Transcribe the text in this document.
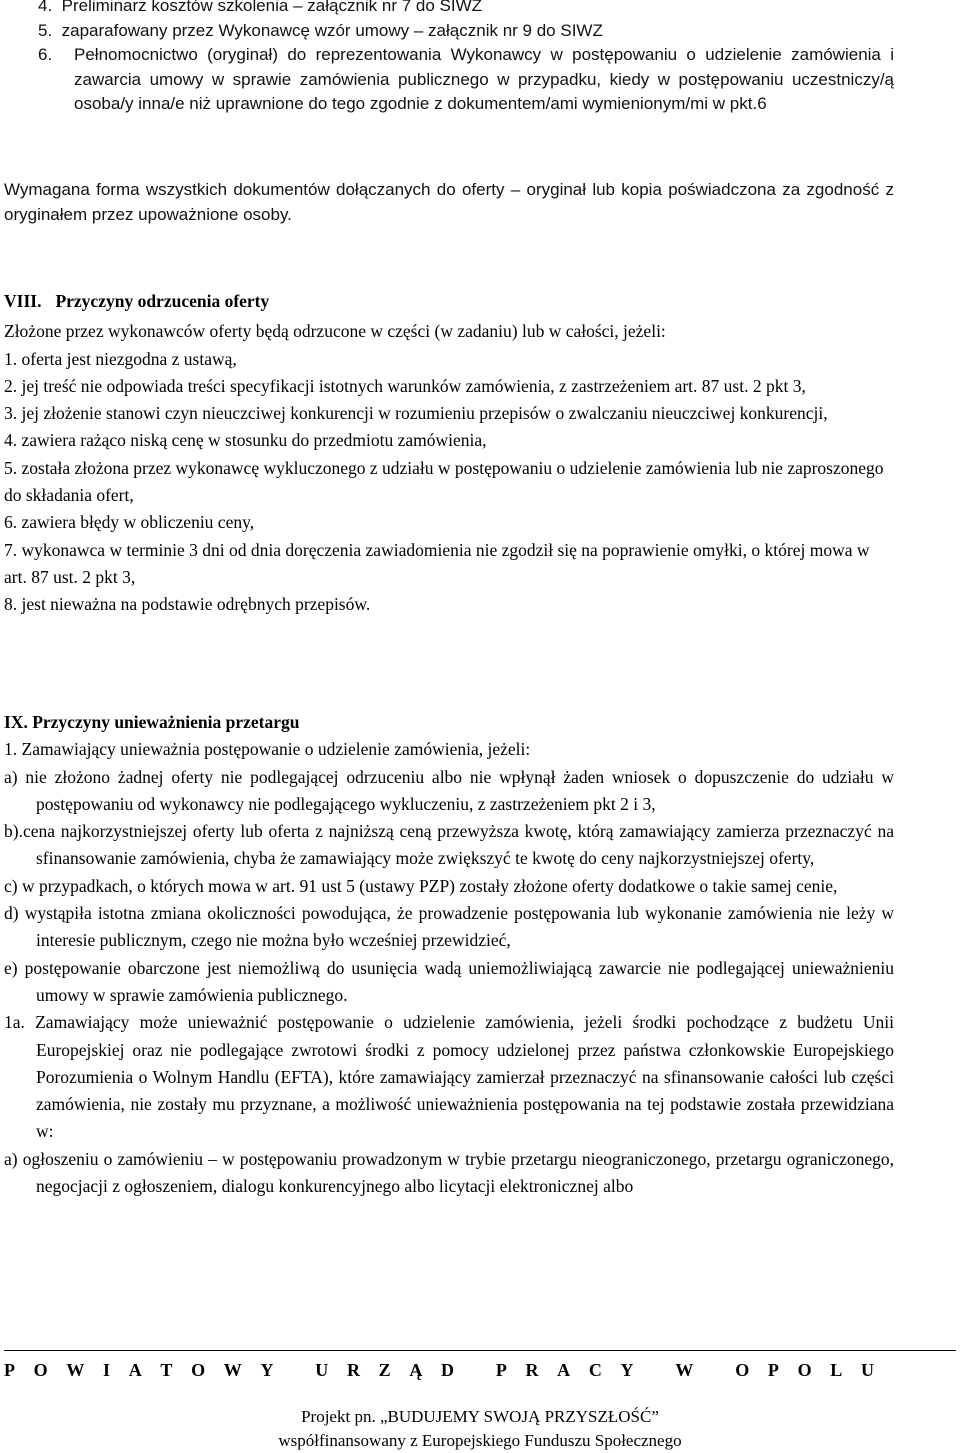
4.  Preliminarz kosztów szkolenia – załącznik nr 7 do SIWZ
5.  zaparafowany przez Wykonawcę wzór umowy – załącznik nr 9 do SIWZ
6. Pełnomocnictwo (oryginał) do reprezentowania Wykonawcy w postępowaniu o udzielenie zamówienia i zawarcia umowy w sprawie zamówienia publicznego w przypadku, kiedy w postępowaniu uczestniczy/ą osoba/y inna/e niż uprawnione do tego zgodnie z dokumentem/ami wymienionym/mi w pkt.6
Wymagana forma wszystkich dokumentów dołączanych do oferty – oryginał lub kopia poświadczona za zgodność z oryginałem przez upoważnione osoby.
VIII. Przyczyny odrzucenia oferty
Złożone przez wykonawców oferty będą odrzucone w części (w zadaniu) lub w całości, jeżeli:
1. oferta jest niezgodna z ustawą,
2. jej treść nie odpowiada treści specyfikacji istotnych warunków zamówienia, z zastrzeżeniem art. 87 ust. 2 pkt 3,
3. jej złożenie stanowi czyn nieuczciwej konkurencji w rozumieniu przepisów o zwalczaniu nieuczciwej konkurencji,
4. zawiera rażąco niską cenę w stosunku do przedmiotu zamówienia,
5. została złożona przez wykonawcę wykluczonego z udziału w postępowaniu o udzielenie zamówienia lub nie zaproszonego do składania ofert,
6. zawiera błędy w obliczeniu ceny,
7. wykonawca w terminie 3 dni od dnia doręczenia zawiadomienia nie zgodził się na poprawienie omyłki, o której mowa w art. 87 ust. 2 pkt 3,
8. jest nieważna na podstawie odrębnych przepisów.
IX. Przyczyny unieważnienia przetargu
1. Zamawiający unieważnia postępowanie o udzielenie zamówienia, jeżeli:
a) nie złożono żadnej oferty nie podlegającej odrzuceniu albo nie wpłynął żaden wniosek o dopuszczenie do udziału w postępowaniu od wykonawcy nie podlegającego wykluczeniu, z zastrzeżeniem pkt 2 i 3,
b).cena najkorzystniejszej oferty lub oferta z najniższą ceną przewyższa kwotę, którą zamawiający zamierza przeznaczyć na sfinansowanie zamówienia, chyba że zamawiający może zwiększyć te kwotę do ceny najkorzystniejszej oferty,
c) w przypadkach, o których mowa w art. 91 ust 5 (ustawy PZP) zostały złożone oferty dodatkowe o takie samej cenie,
d) wystąpiła istotna zmiana okoliczności powodująca, że prowadzenie postępowania lub wykonanie zamówienia nie leży w interesie publicznym, czego nie można było wcześniej przewidzieć,
e) postępowanie obarczone jest niemożliwą do usunięcia wadą uniemożliwiającą zawarcie nie podlegającej unieważnieniu umowy w sprawie zamówienia publicznego.
1a. Zamawiający może unieważnić postępowanie o udzielenie zamówienia, jeżeli środki pochodzące z budżetu Unii Europejskiej oraz nie podlegające zwrotowi środki z pomocy udzielonej przez państwa członkowskie Europejskiego Porozumienia o Wolnym Handlu (EFTA), które zamawiający zamierzał przeznaczyć na sfinansowanie całości lub części zamówienia, nie zostały mu przyznane, a możliwość unieważnienia postępowania na tej podstawie została przewidziana w:
a) ogłoszeniu o zamówieniu – w postępowaniu prowadzonym w trybie przetargu nieograniczonego, przetargu ograniczonego, negocjacji z ogłoszeniem, dialogu konkurencyjnego albo licytacji elektronicznej albo
P O W I A T O W Y
U R Z Ą D
P R A C Y
W
O P O L U
Projekt pn. „BUDUJEMY SWOJĄ PRZYSZŁOŚĆ”
współfinansowany z Europejskiego Funduszu Społecznego
